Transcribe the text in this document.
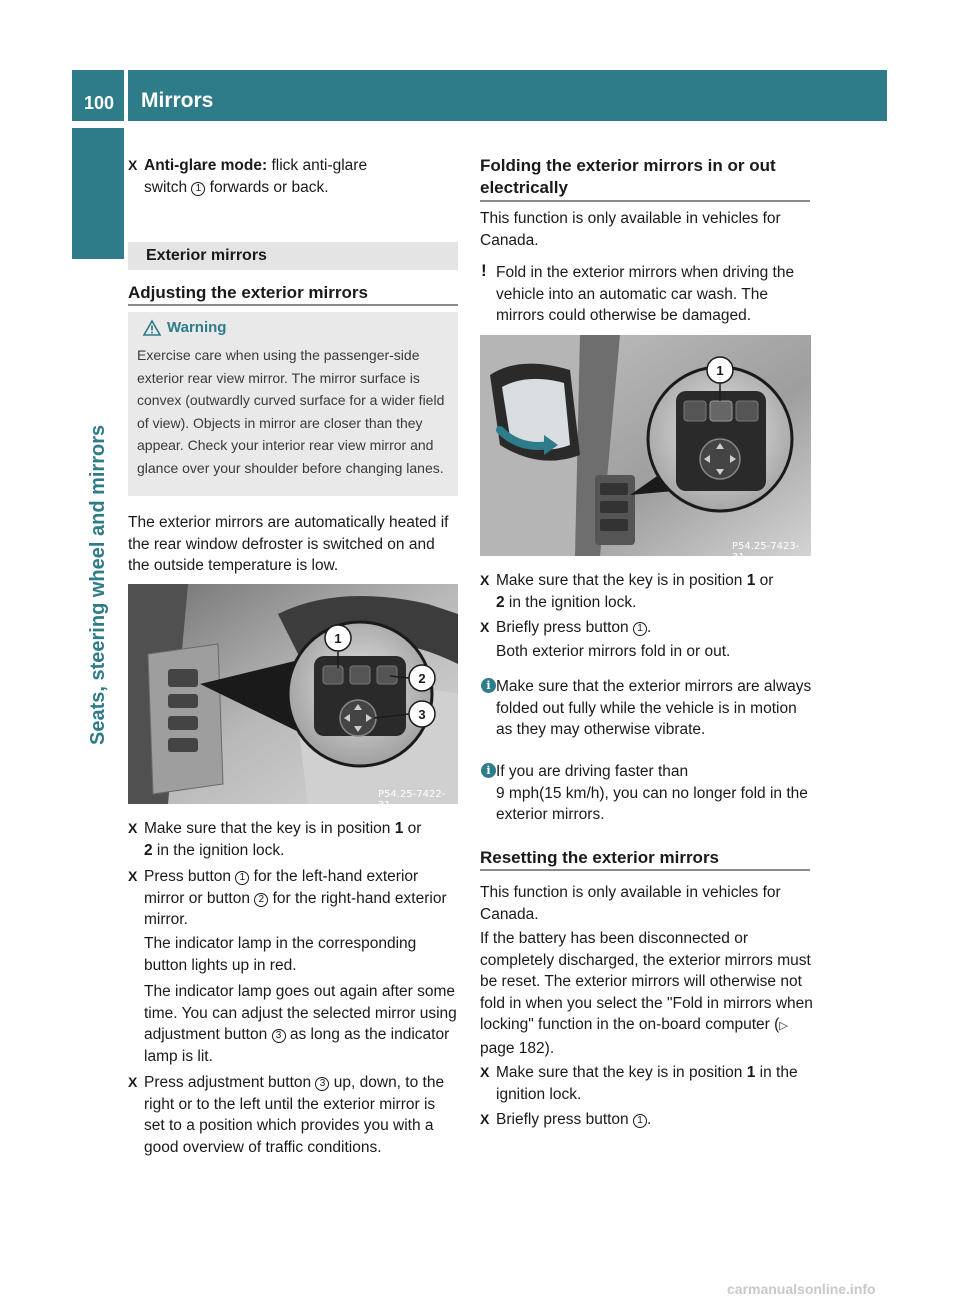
100 Mirrors
Seats, steering wheel and mirrors
X Anti-glare mode: flick anti-glare
switch 1 forwards or back.
Exterior mirrors
Adjusting the exterior mirrors
Warning
Exercise care when using the passenger-side exterior rear view mirror. The mirror surface is convex (outwardly curved surface for a wider field of view). Objects in mirror are closer than they appear. Check your interior rear view mirror and glance over your shoulder before changing lanes.
The exterior mirrors are automatically heated if the rear window defroster is switched on and the outside temperature is low.
1
2
3
P54.25-7422-31
X Make sure that the key is in position 1 or
2 in the ignition lock.
X Press button 1 for the left-hand exterior mirror or button 2 for the right-hand exterior mirror.
The indicator lamp in the corresponding button lights up in red.
The indicator lamp goes out again after some time. You can adjust the selected mirror using adjustment button 3 as long as the indicator lamp is lit.
X Press adjustment button 3 up, down, to the right or to the left until the exterior mirror is set to a position which provides you with a good overview of traffic conditions.
Folding the exterior mirrors in or out
electrically
This function is only available in vehicles for Canada.
! Fold in the exterior mirrors when driving the vehicle into an automatic car wash. The mirrors could otherwise be damaged.
1
P54.25-7423-31
X Make sure that the key is in position 1 or
2 in the ignition lock.
X Briefly press button 1 .
Both exterior mirrors fold in or out.
i Make sure that the exterior mirrors are always folded out fully while the vehicle is in motion as they may otherwise vibrate.
i If you are driving faster than
9 mph(15 km/h), you can no longer fold in the exterior mirrors.
Resetting the exterior mirrors
This function is only available in vehicles for Canada.
If the battery has been disconnected or completely discharged, the exterior mirrors must be reset. The exterior mirrors will otherwise not fold in when you select the "Fold in mirrors when locking" function in the on-board computer (▷ page 182).
X Make sure that the key is in position 1 in the ignition lock.
X Briefly press button 1 .
carmanualsonline.info
